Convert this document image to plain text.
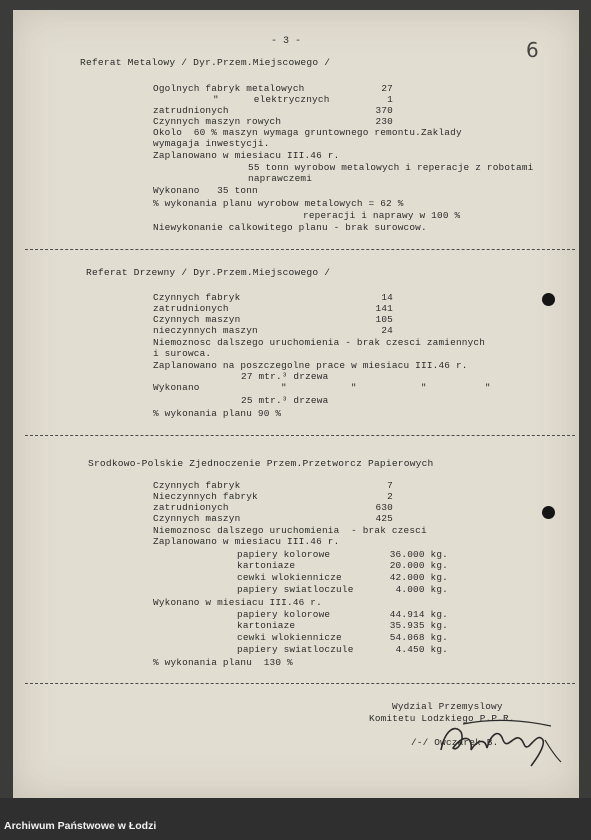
- 3 -	6
Referat Metalowy / Dyr.Przem.Miejscowego /
Ogolnych fabryk metalowych	27
"      elektrycznych	1
zatrudnionych	370
Czynnych maszyn rowych	230
Okolo  60 % maszyn wymaga gruntownego remontu.Zaklady
wymagaja inwestycji.
Zaplanowano w miesiacu III.46 r.
55 tonn wyrobow metalowych i reperacje z robotami
naprawczemi
Wykonano   35 tonn
% wykonania planu wyrobow metalowych = 62 %
reperacji i naprawy w 100 %
Niewykonanie calkowitego planu - brak surowcow.
Referat Drzewny / Dyr.Przem.Miejscowego /
Czynnych fabryk	14
zatrudnionych	141
Czynnych maszyn	105
nieczynnych maszyn	24
Niemoznosc dalszego uruchomienia - brak czesci zamiennych
i surowca.
Zaplanowano na poszczegolne prace w miesiacu III.46 r.
27 mtr.³ drzewa
Wykonano	"           "           "          "
25 mtr.³ drzewa
% wykonania planu 90 %
Srodkowo-Polskie Zjednoczenie Przem.Przetworcz Papierowych
Czynnych fabryk	7
Nieczynnych fabryk	2
zatrudnionych	630
Czynnych maszyn	425
Niemoznosc dalszego uruchomienia  - brak czesci
Zaplanowano w miesiacu III.46 r.
papiery kolorowe	36.000 kg.
kartoniaze	20.000 kg.
cewki wlokiennicze	42.000 kg.
papiery swiatloczule	4.000 kg.
Wykonano w miesiacu III.46 r.
papiery kolorowe	44.914 kg.
kartoniaze	35.935 kg.
cewki wlokiennicze	54.068 kg.
papiery swiatloczule	4.450 kg.
% wykonania planu  130 %
Wydzial Przemyslowy
Komitetu Lodzkiego P.P.R.
/-/ Owczarek B.
Archiwum Państwowe w Łodzi
